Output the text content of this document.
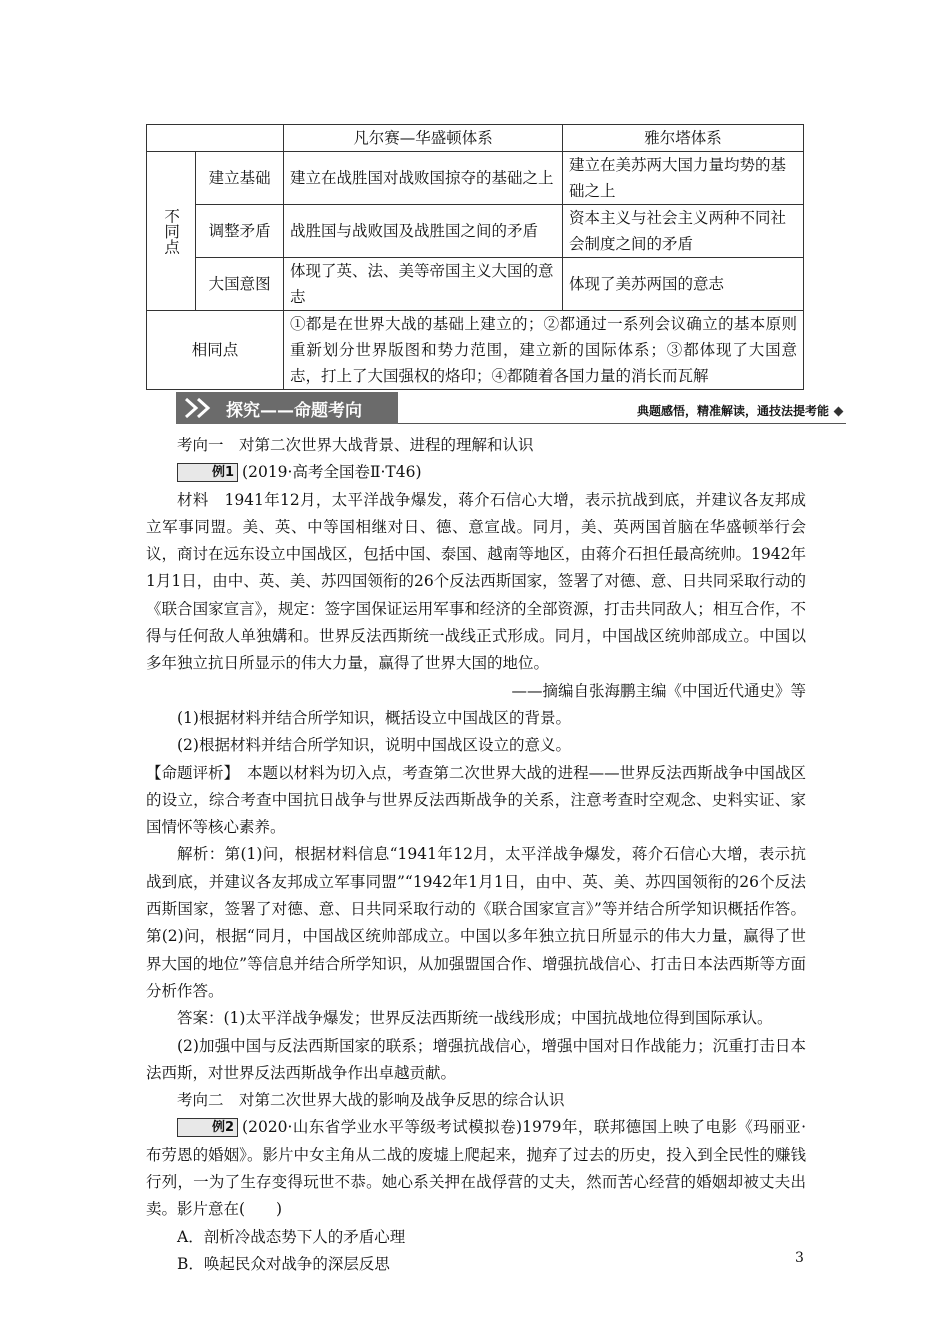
		凡尔赛—华盛顿体系	雅尔塔体系
不同点	建立基础	建立在战胜国对战败国掠夺的基础之上	建立在美苏两大国力量均势的基础之上
	调整矛盾	战胜国与战败国及战胜国之间的矛盾	资本主义与社会主义两种不同社会制度之间的矛盾
	大国意图	体现了英、法、美等帝国主义大国的意志	体现了美苏两国的意志
相同点		①都是在世界大战的基础上建立的；②都通过一系列会议确立的基本原则重新划分世界版图和势力范围，建立新的国际体系；③都体现了大国意志，打上了大国强权的烙印；④都随着各国力量的消长而瓦解	
探究——命题考向	典题感悟，精准解读，通技法提考能

考向一　对第二次世界大战背景、进程的理解和认识

例1 (2019·高考全国卷Ⅱ·T46)

材料　1941年12月，太平洋战争爆发，蒋介石信心大增，表示抗战到底，并建议各友邦成立军事同盟。美、英、中等国相继对日、德、意宣战。同月，美、英两国首脑在华盛顿举行会议，商讨在远东设立中国战区，包括中国、泰国、越南等地区，由蒋介石担任最高统帅。1942年1月1日，由中、英、美、苏四国领衔的26个反法西斯国家，签署了对德、意、日共同采取行动的《联合国家宣言》，规定：签字国保证运用军事和经济的全部资源，打击共同敌人；相互合作，不得与任何敌人单独媾和。世界反法西斯统一战线正式形成。同月，中国战区统帅部成立。中国以多年独立抗日所显示的伟大力量，赢得了世界大国的地位。

——摘编自张海鹏主编《中国近代通史》等

(1)根据材料并结合所学知识，概括设立中国战区的背景。

(2)根据材料并结合所学知识，说明中国战区设立的意义。

【命题评析】　本题以材料为切入点，考查第二次世界大战的进程——世界反法西斯战争中国战区的设立，综合考查中国抗日战争与世界反法西斯战争的关系，注意考查时空观念、史料实证、家国情怀等核心素养。

解析：第(1)问，根据材料信息“1941年12月，太平洋战争爆发，蒋介石信心大增，表示抗战到底，并建议各友邦成立军事同盟”“1942年1月1日，由中、英、美、苏四国领衔的26个反法西斯国家，签署了对德、意、日共同采取行动的《联合国家宣言》”等并结合所学知识概括作答。第(2)问，根据“同月，中国战区统帅部成立。中国以多年独立抗日所显示的伟大力量，赢得了世界大国的地位”等信息并结合所学知识，从加强盟国合作、增强抗战信心、打击日本法西斯等方面分析作答。

答案：(1)太平洋战争爆发；世界反法西斯统一战线形成；中国抗战地位得到国际承认。

(2)加强中国与反法西斯国家的联系；增强抗战信心，增强中国对日作战能力；沉重打击日本法西斯，对世界反法西斯战争作出卓越贡献。

考向二　对第二次世界大战的影响及战争反思的综合认识

例2 (2020·山东省学业水平等级考试模拟卷)1979年，联邦德国上映了电影《玛丽亚·布劳恩的婚姻》。影片中女主角从二战的废墟上爬起来，抛弃了过去的历史，投入到全民性的赚钱行列，一为了生存变得玩世不恭。她心系关押在战俘营的丈夫，然而苦心经营的婚姻却被丈夫出卖。影片意在(　　)

A．剖析冷战态势下人的矛盾心理

B．唤起民众对战争的深层反思	3
